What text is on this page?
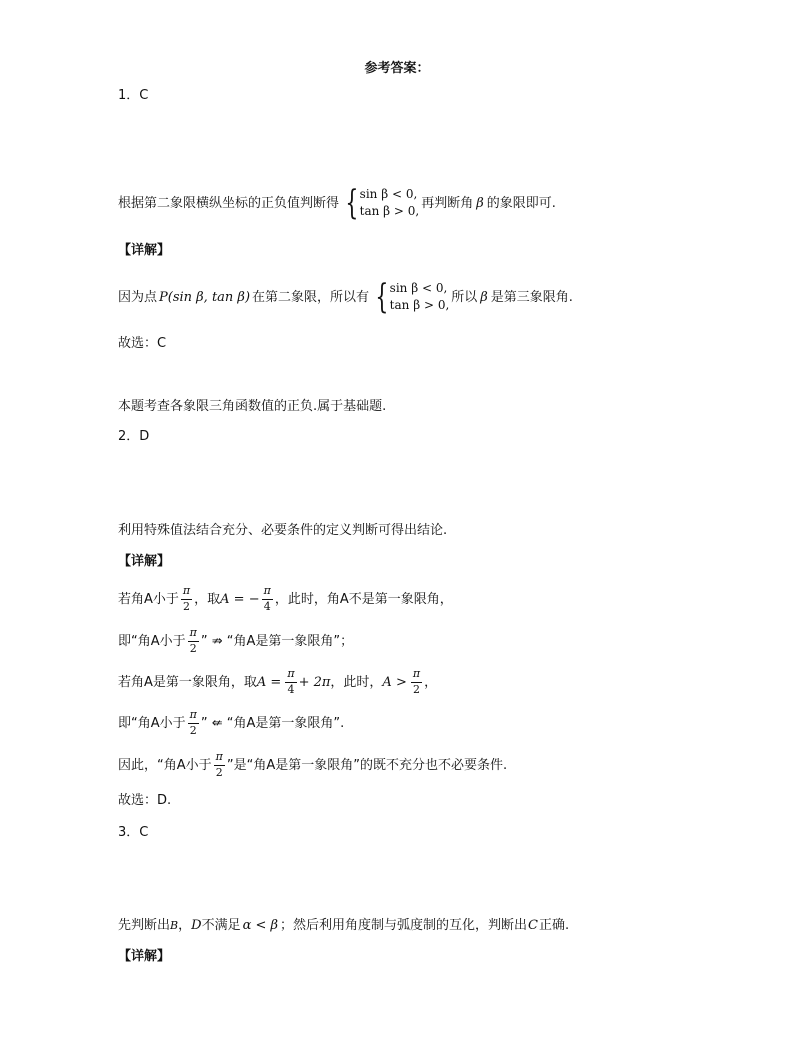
参考答案：
1．C
根据第二象限横纵坐标的正负值判断得 { sin β < 0,
tan β > 0,
再判断角 β 的象限即可.
【详解】
因为点 P(sin β, tan β) 在第二象限，所以有 { sin β < 0,
tan β > 0,
所以 β 是第三象限角.
故选：C
本题考查各象限三角函数值的正负.属于基础题.
2．D
利用特殊值法结合充分、必要条件的定义判断可得出结论.
【详解】
若角A小于 $\frac{\pi}{2}$ ，取 A = − $\frac{\pi}{4}$ ，此时，角A不是第一象限角，
即“角A小于 $\frac{\pi}{2}$ ” ⇏ “角A是第一象限角”；
若角A是第一象限角，取 $A = \frac{\pi}{4} + 2\pi$ ，此时， $A > \frac{\pi}{2}$ ，
即“角A小于 $\frac{\pi}{2}$ ” ⇍ “角A是第一象限角”.
因此，“角A小于 $\frac{\pi}{2}$ ”是“角A是第一象限角”的既不充分也不必要条件.
故选：D.
3．C
先判断出 B ， D 不满足 α < β ；然后利用角度制与弧度制的互化，判断出 C 正确.
【详解】
